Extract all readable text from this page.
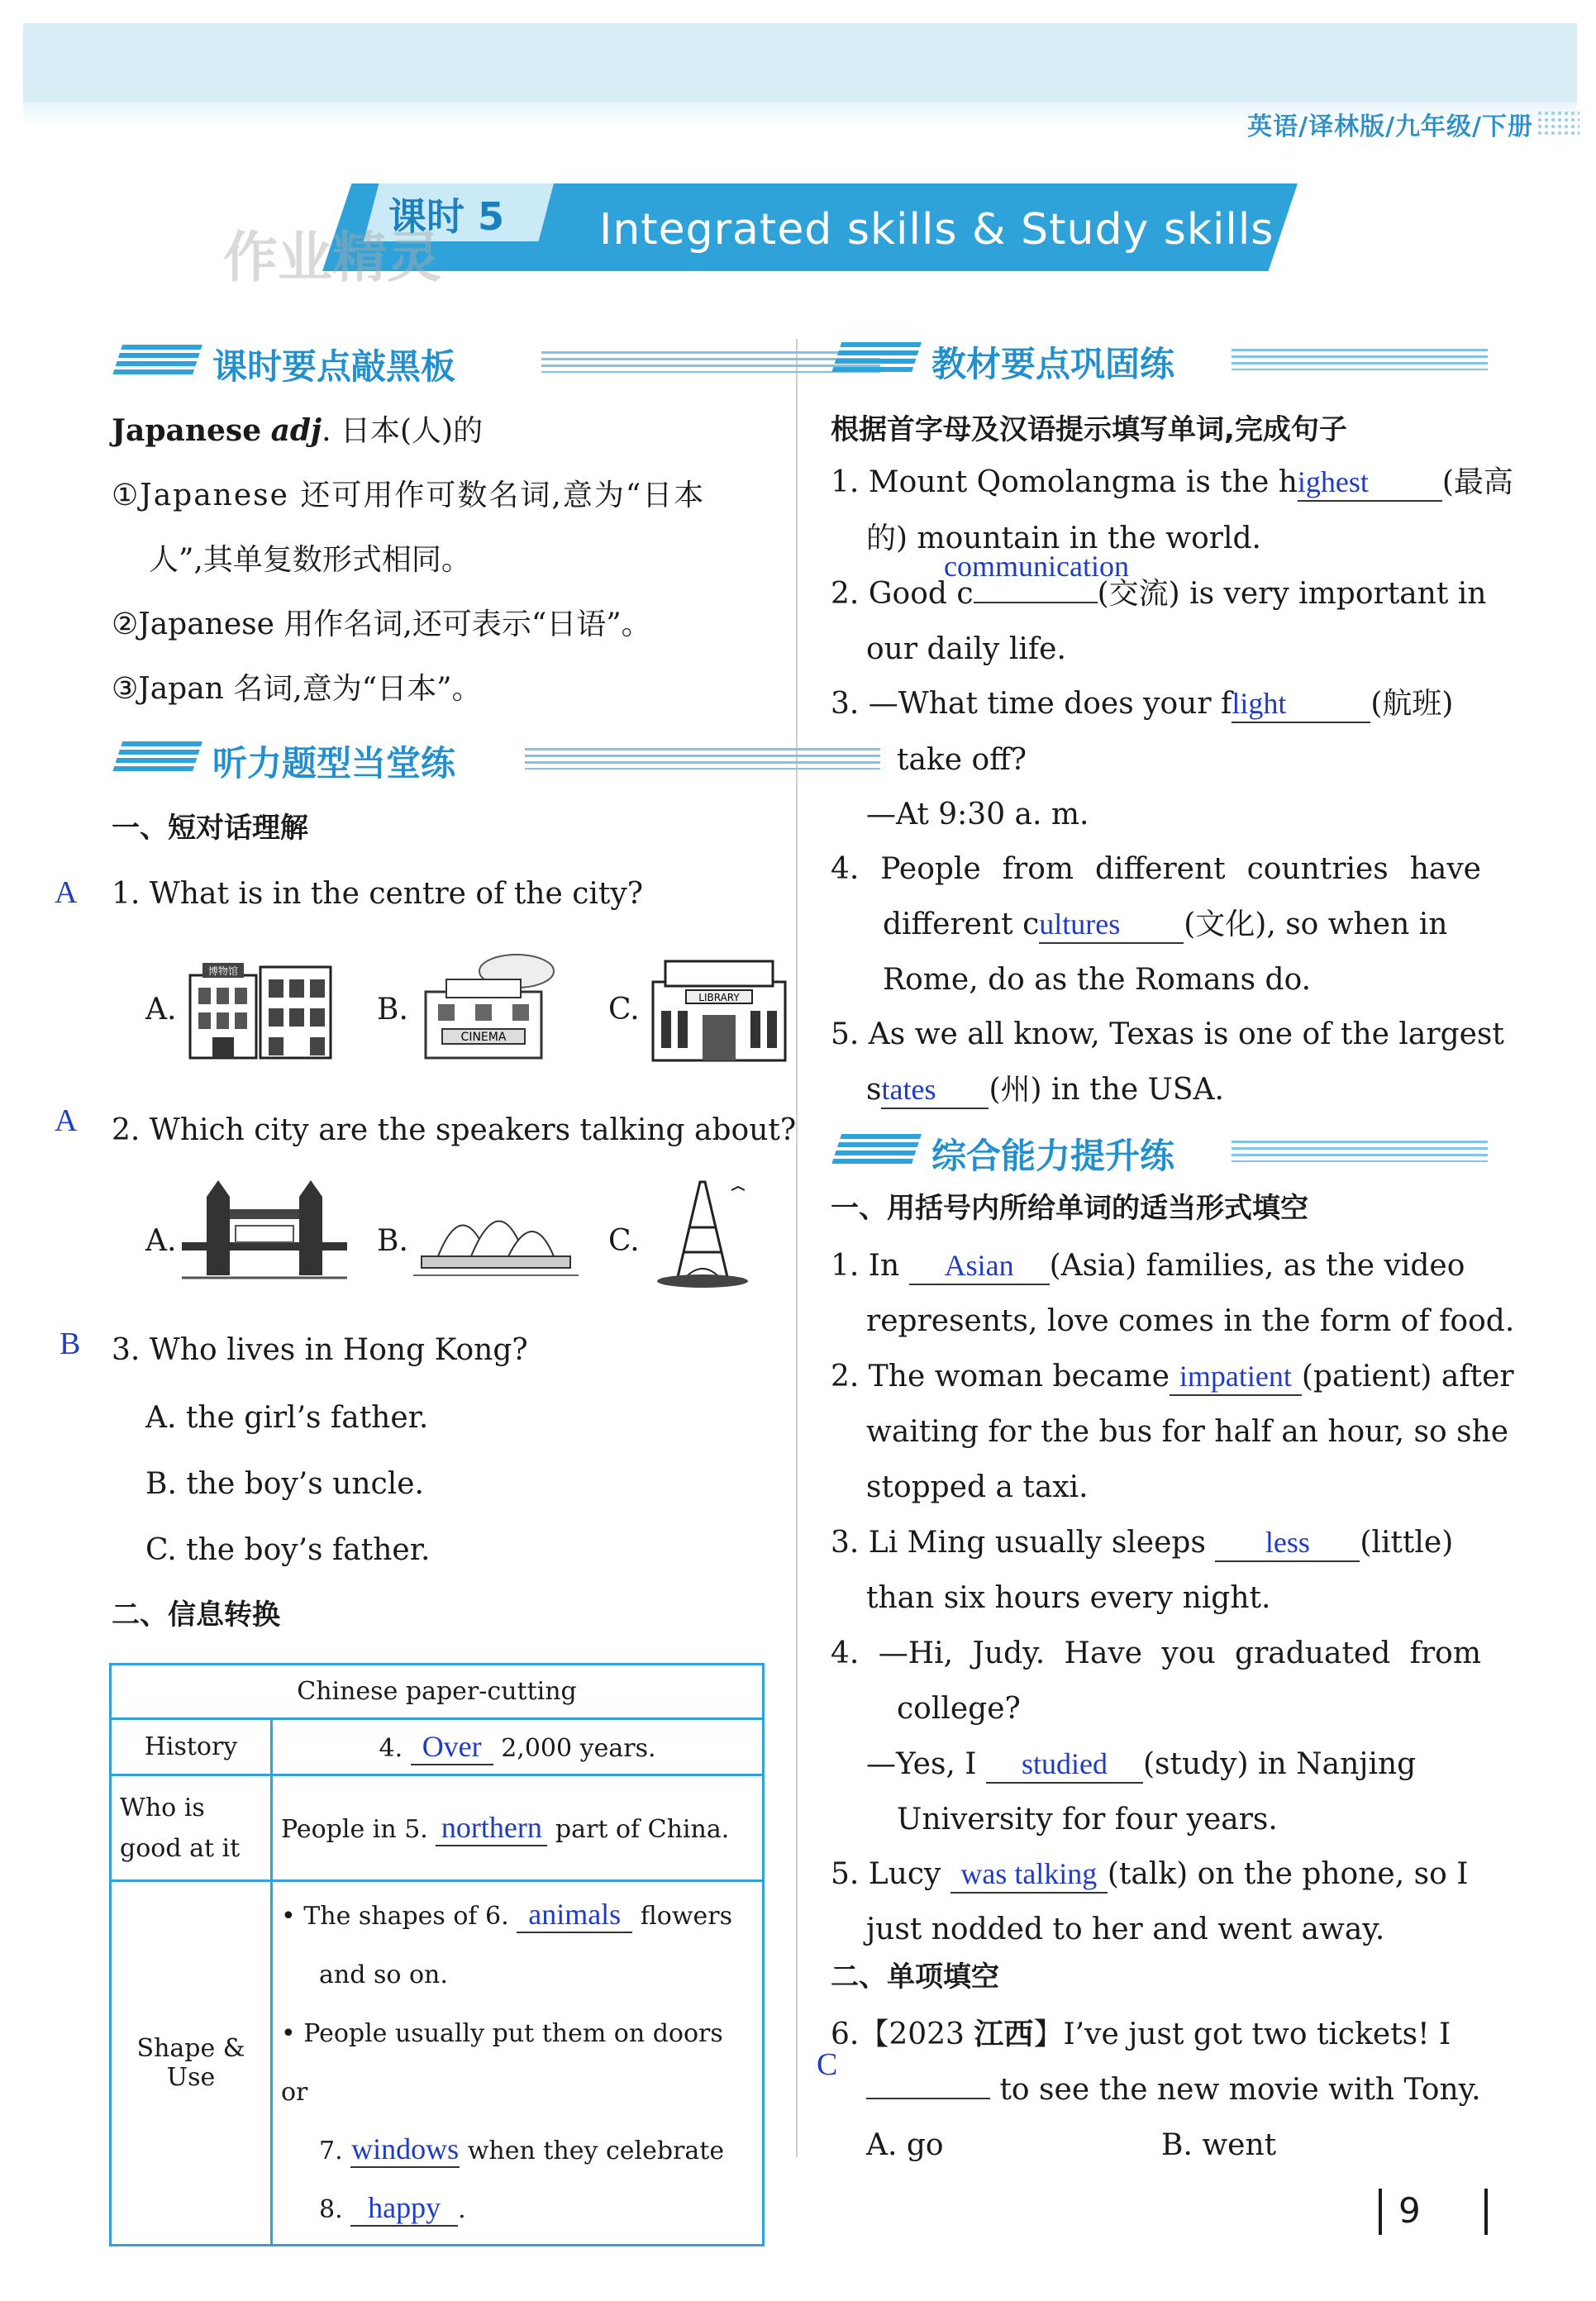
英语/译林版/九年级/下册
课时 5 Integrated skills & Study skills
作业精灵
课时要点敲黑板
Japanese adj. 日本(人)的
①Japanese 还可用作可数名词,意为“日本
人”,其单复数形式相同。
②Japanese 用作名词,还可表示“日语”。
③Japan 名词,意为“日本”。
听力题型当堂练
一、短对话理解
A 1. What is in the centre of the city?
A.	B.	C.
博物馆
CINEMA
LIBRARY
A 2. Which city are the speakers talking about?
A.	B.	C.
B 3. Who lives in Hong Kong?
A. the girl’s father.
B. the boy’s uncle.
C. the boy’s father.
二、信息转换
Chinese paper-cutting	
History	4. Over 2,000 years.

Who is
good at it	People in 5. northern part of China.
Shape & Use	• The shapes of 6. animals flowers
and so on.
• People usually put them on doors or
7. windows when they celebrate
8. happy .
教材要点巩固练
根据首字母及汉语提示填写单词,完成句子
1. Mount Qomolangma is the highest (最高
的) mountain in the world.
2. Good c	(交流) is very important in
communication
our daily life.
3. —What time does your flight	(航班)
take off?
—At 9:30 a. m.
4. People from different countries have
different cultures (文化), so when in
Rome, do as the Romans do.
5. As we all know, Texas is one of the largest
states (州) in the USA.
综合能力提升练
一、用括号内所给单词的适当形式填空
1. In Asian (Asia) families, as the video
represents, love comes in the form of food.
2. The woman became impatient (patient) after
waiting for the bus for half an hour, so she
stopped a taxi.
3. Li Ming usually sleeps less (little)
than six hours every night.
4. —Hi, Judy. Have you graduated from
college?
—Yes, I studied (study) in Nanjing
University for four years.
5. Lucy was talking (talk) on the phone, so I
just nodded to her and went away.
二、单项填空
6.【2023 江西】I’ve just got two tickets! I
C
to see the new movie with Tony.
A. go	B. went
9
